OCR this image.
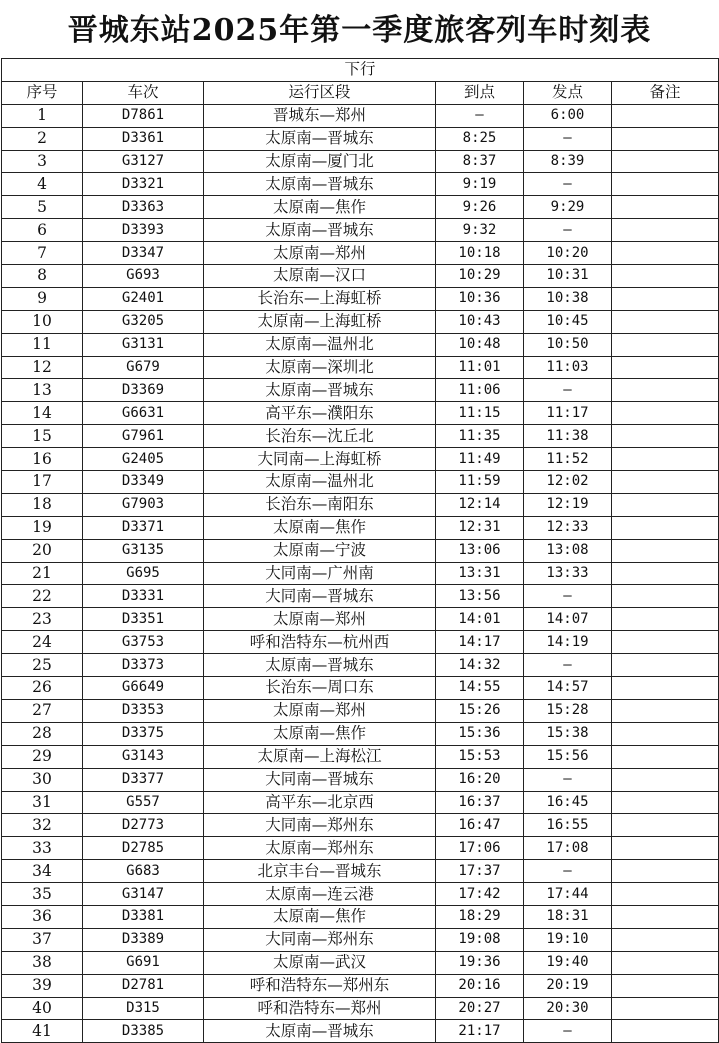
晋城东站2025年第一季度旅客列车时刻表
下行					
序号	车次	运行区段	到点	发点	备注
1	D7861	晋城东—郑州	—	6:00	
2	D3361	太原南—晋城东	8:25	—	
3	G3127	太原南—厦门北	8:37	8:39	
4	D3321	太原南—晋城东	9:19	—	
5	D3363	太原南—焦作	9:26	9:29	
6	D3393	太原南—晋城东	9:32	—	
7	D3347	太原南—郑州	10:18	10:20	
8	G693	太原南—汉口	10:29	10:31	
9	G2401	长治东—上海虹桥	10:36	10:38	
10	G3205	太原南—上海虹桥	10:43	10:45	
11	G3131	太原南—温州北	10:48	10:50	
12	G679	太原南—深圳北	11:01	11:03	
13	D3369	太原南—晋城东	11:06	—	
14	G6631	高平东—濮阳东	11:15	11:17	
15	G7961	长治东—沈丘北	11:35	11:38	
16	G2405	大同南—上海虹桥	11:49	11:52	
17	D3349	太原南—温州北	11:59	12:02	
18	G7903	长治东—南阳东	12:14	12:19	
19	D3371	太原南—焦作	12:31	12:33	
20	G3135	太原南—宁波	13:06	13:08	
21	G695	大同南—广州南	13:31	13:33	
22	D3331	大同南—晋城东	13:56	—	
23	D3351	太原南—郑州	14:01	14:07	
24	G3753	呼和浩特东—杭州西	14:17	14:19	
25	D3373	太原南—晋城东	14:32	—	
26	G6649	长治东—周口东	14:55	14:57	
27	D3353	太原南—郑州	15:26	15:28	
28	D3375	太原南—焦作	15:36	15:38	
29	G3143	太原南—上海松江	15:53	15:56	
30	D3377	大同南—晋城东	16:20	—	
31	G557	高平东—北京西	16:37	16:45	
32	D2773	大同南—郑州东	16:47	16:55	
33	D2785	太原南—郑州东	17:06	17:08	
34	G683	北京丰台—晋城东	17:37	—	
35	G3147	太原南—连云港	17:42	17:44	
36	D3381	太原南—焦作	18:29	18:31	
37	D3389	大同南—郑州东	19:08	19:10	
38	G691	太原南—武汉	19:36	19:40	
39	D2781	呼和浩特东—郑州东	20:16	20:19	
40	D315	呼和浩特东—郑州	20:27	20:30	
41	D3385	太原南—晋城东	21:17	—	
